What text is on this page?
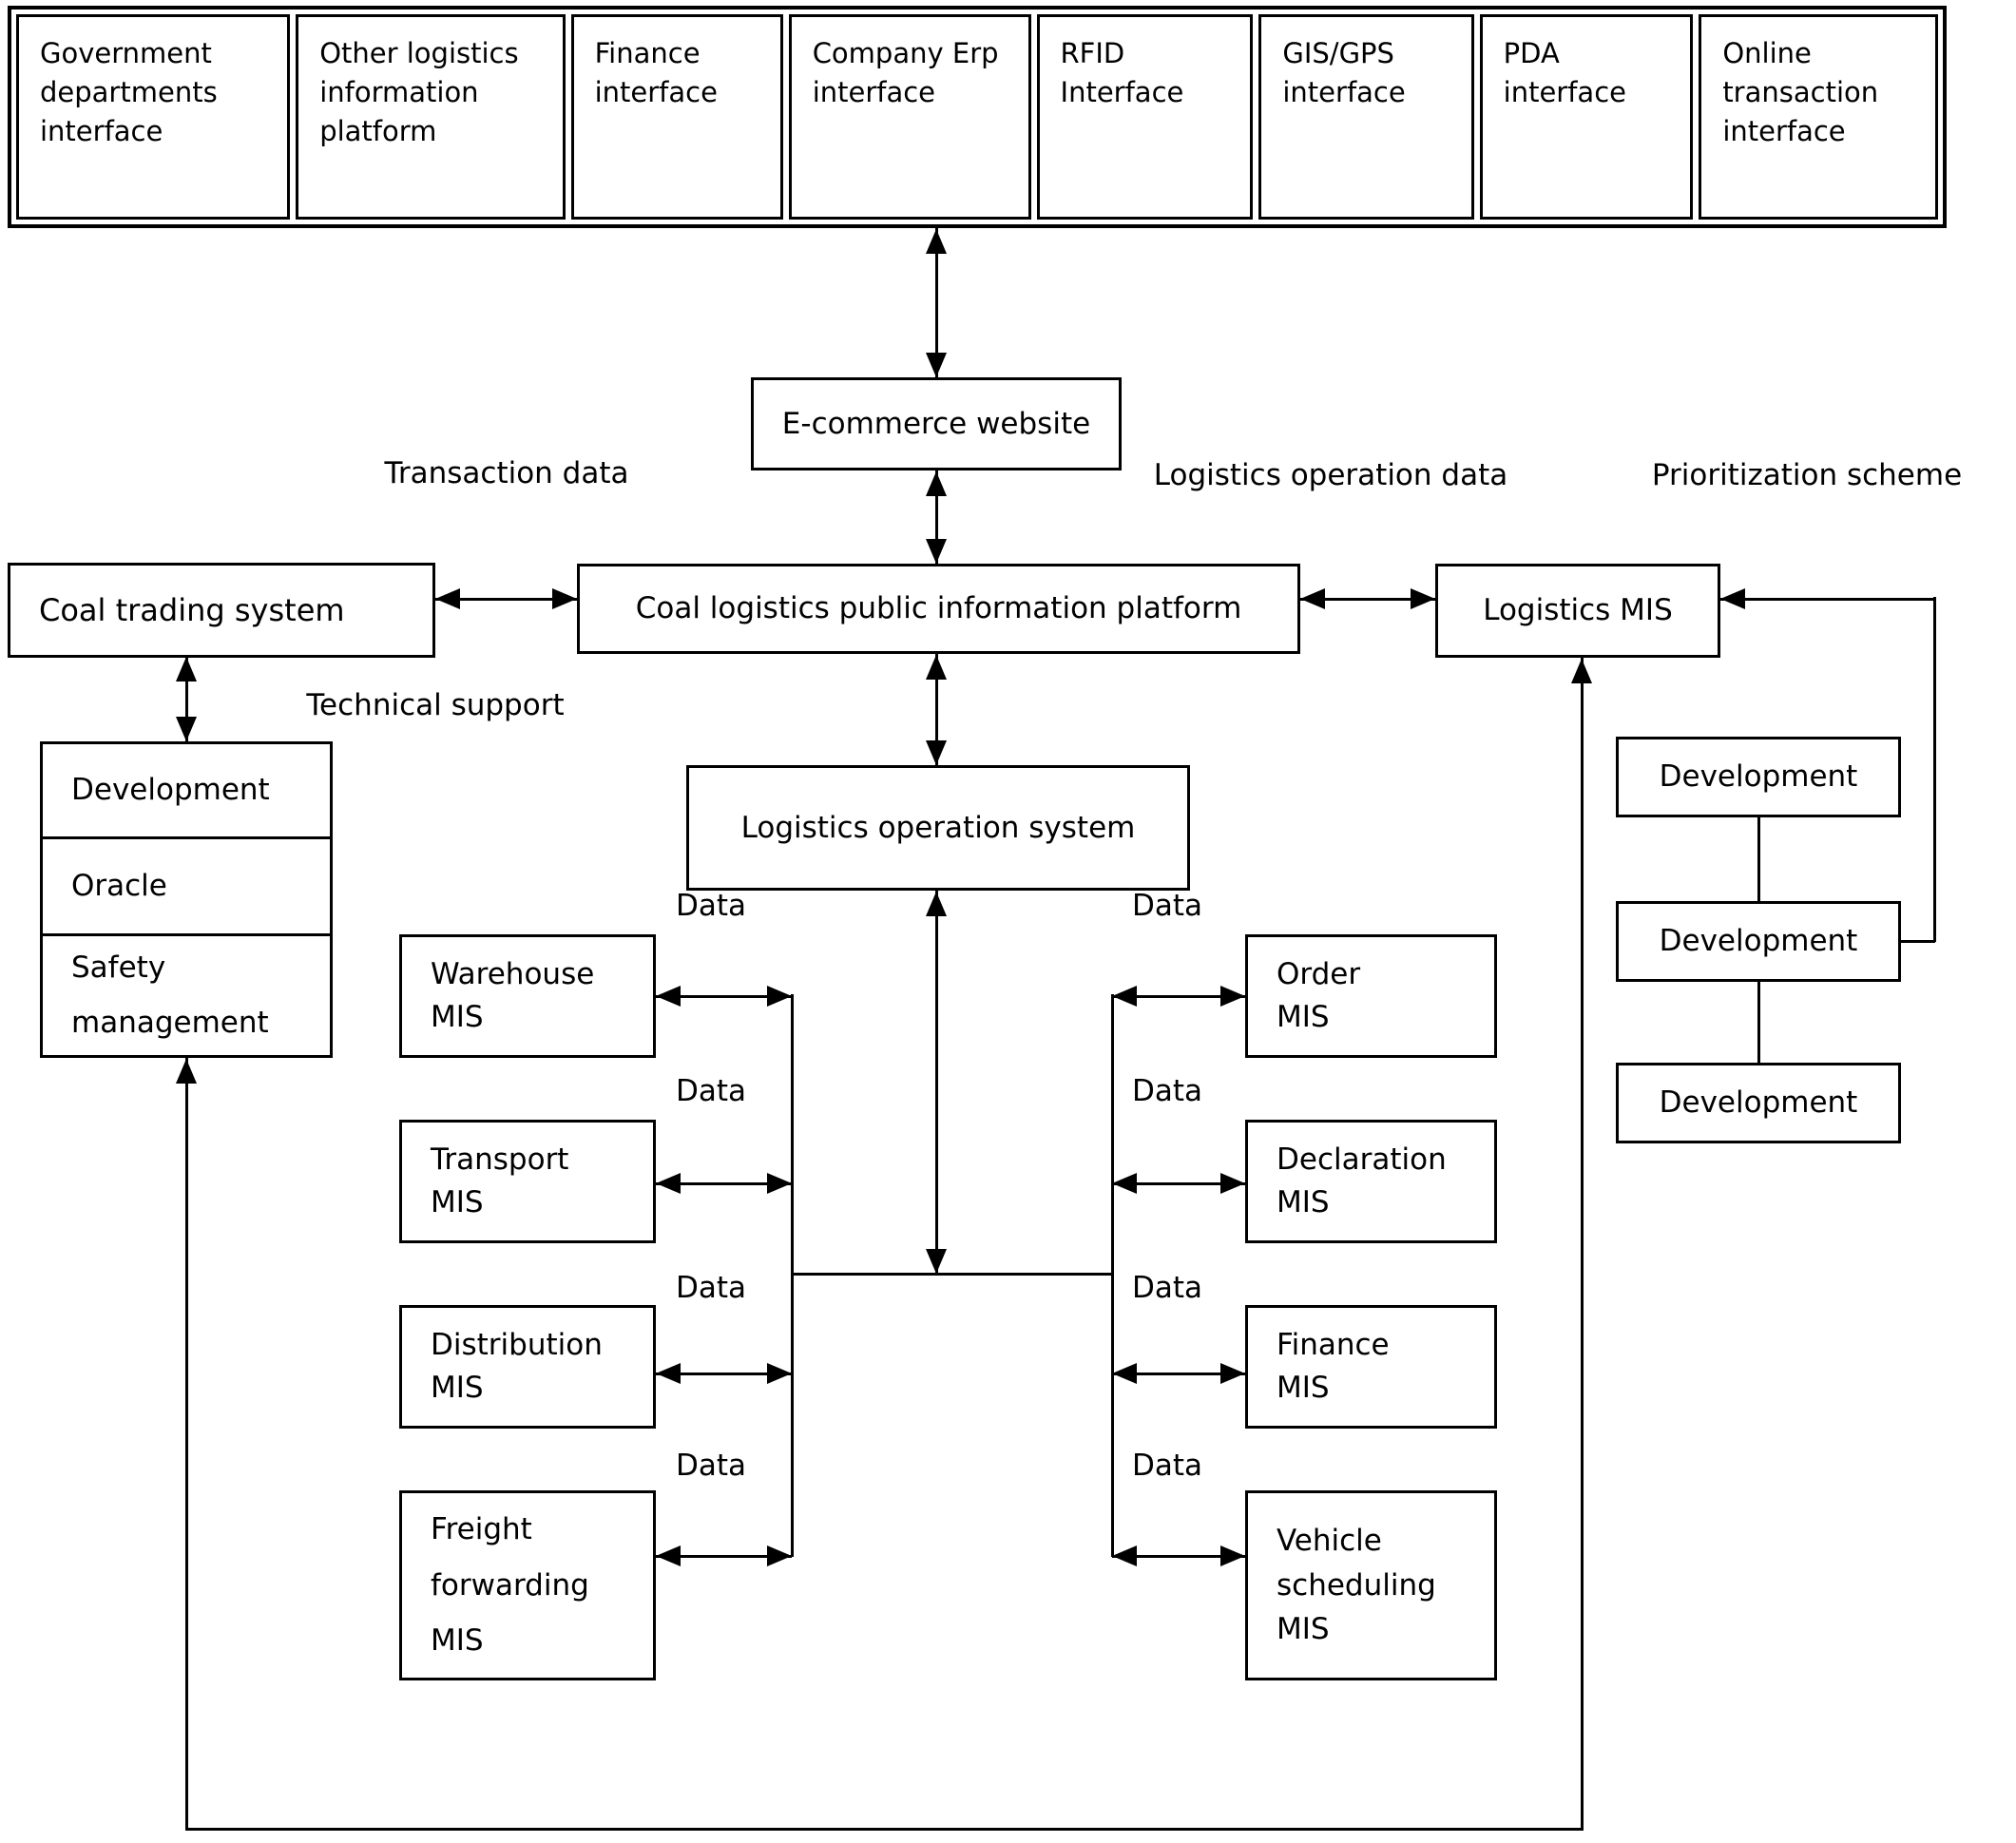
Government departments interface
Other logistics information platform
Finance interface
Company Erp interface
RFID Interface
GIS/GPS interface
PDA interface
Online transaction interface
E-commerce website
Coal trading system	Coal logistics public information platform	Logistics MIS
Logistics operation system
Development
Oracle
Safety
management
Warehouse
MIS
Transport
MIS
Distribution
MIS
Freight
forwarding
MIS
Order
MIS
Declaration
MIS
Finance
MIS
Vehicle
scheduling
MIS
Development
Development
Development
Transaction data	Logistics operation data	Prioritization scheme
Technical support
Data
Data
Data
Data
Data
Data
Data
Data
